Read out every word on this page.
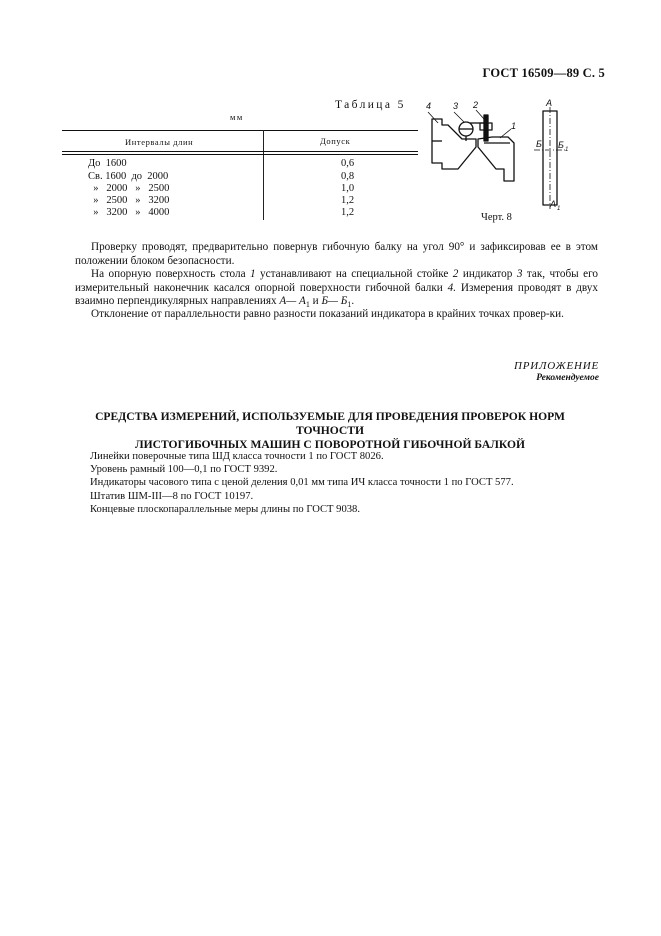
ГОСТ 16509—89 С. 5
Таблица 5
мм
Интервалы длин	Допуск
До  1600	0,6
Св. 1600  до  2000	0,8
»   2000   »   2500	1,0
»   2500   »   3200	1,2
»   3200   »   4000	1,2
4 3 2
1
А
Б Б 1
А 1
Черт. 8
Проверку проводят, предварительно повернув гибочную балку на угол 90° и зафиксировав ее в этом положении блоком безопасности.
На опорную поверхность стола 1 устанавливают на специальной стойке 2 индикатор 3 так, чтобы его измерительный наконечник касался опорной поверхности гибочной балки 4. Измерения проводят в двух взаимно перпендикулярных направлениях А— $А_1$ и Б— $Б_1$.
Отклонение от параллельности равно разности показаний индикатора в крайних точках провер-ки.
ПРИЛОЖЕНИЕ
Рекомендуемое
СРЕДСТВА ИЗМЕРЕНИЙ, ИСПОЛЬЗУЕМЫЕ ДЛЯ ПРОВЕДЕНИЯ ПРОВЕРОК НОРМ ТОЧНОСТИ
ЛИСТОГИБОЧНЫХ МАШИН С ПОВОРОТНОЙ ГИБОЧНОЙ БАЛКОЙ
Линейки поверочные типа ШД класса точности 1 по ГОСТ 8026.
Уровень рамный 100—0,1 по ГОСТ 9392.
Индикаторы часового типа с ценой деления 0,01 мм типа ИЧ класса точности 1 по ГОСТ 577.
Штатив ШМ-III—8 по ГОСТ 10197.
Концевые плоскопараллельные меры длины по ГОСТ 9038.
